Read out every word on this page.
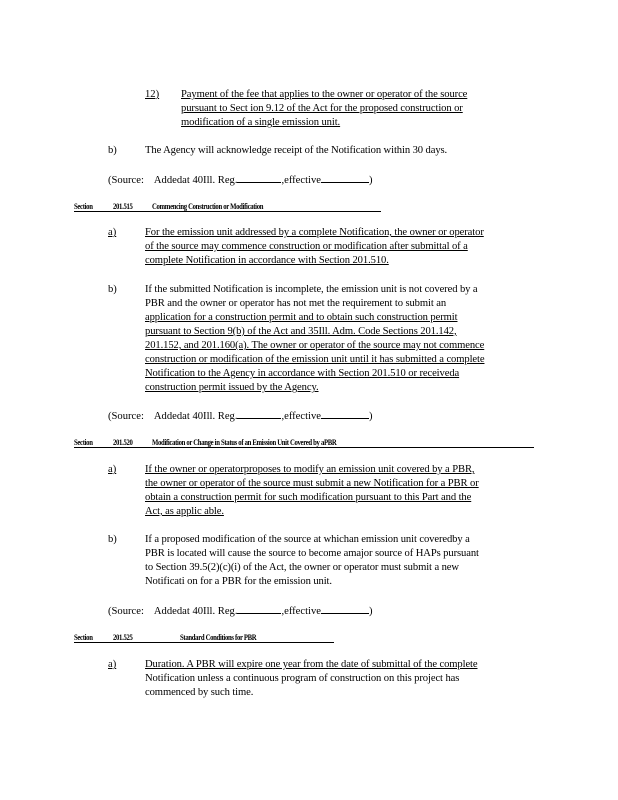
12) Payment of the fee that applies to the owner or operator of the source
pursuant to Sect ion 9.12 of the Act for the proposed construction or
modification of a single emission unit.
b)	The Agency will acknowledge receipt of the Notification within 30 days.
(Source: Addedat 40Ill. Reg.	,effective	)
Section 201.515 Commencing Construction or Modification
a)	For the emission unit addressed by a complete Notification, the owner or operator
of the source may commence construction or modification after submittal of a
complete Notification in accordance with Section 201.510.
b)	If the submitted Notification is incomplete, the emission unit is not covered by a
PBR and the owner or operator has not met the requirement to submit an
application for a construction permit and to obtain such construction permit
pursuant to Section 9(b) of the Act and 35Ill. Adm. Code Sections 201.142,
201.152, and 201.160(a). The owner or operator of the source may not commence
construction or modification of the emission unit until it has submitted a complete
Notification to the Agency in accordance with Section 201.510 or receiveda
construction permit issued by the Agency.
(Source: Addedat 40Ill. Reg.	,effective	)
Section 201.520 Modification or Change in Status of an Emission Unit Covered by aPBR
a)	If the owner or operatorproposes to modify an emission unit covered by a PBR,
the owner or operator of the source must submit a new Notification for a PBR or
obtain a construction permit for such modification pursuant to this Part and the
Act, as applic able.
b)	If a proposed modification of the source at whichan emission unit coveredby a
PBR is located will cause the source to become amajor source of HAPs pursuant
to Section 39.5(2)(c)(i) of the Act, the owner or operator must submit a new
Notificati on for a PBR for the emission unit.
(Source: Addedat 40Ill. Reg.	,effective	)
Section 201.525	Standard Conditions for PBR
a)	Duration. A PBR will expire one year from the date of submittal of the complete
Notification unless a continuous program of construction on this project has
commenced by such time.
